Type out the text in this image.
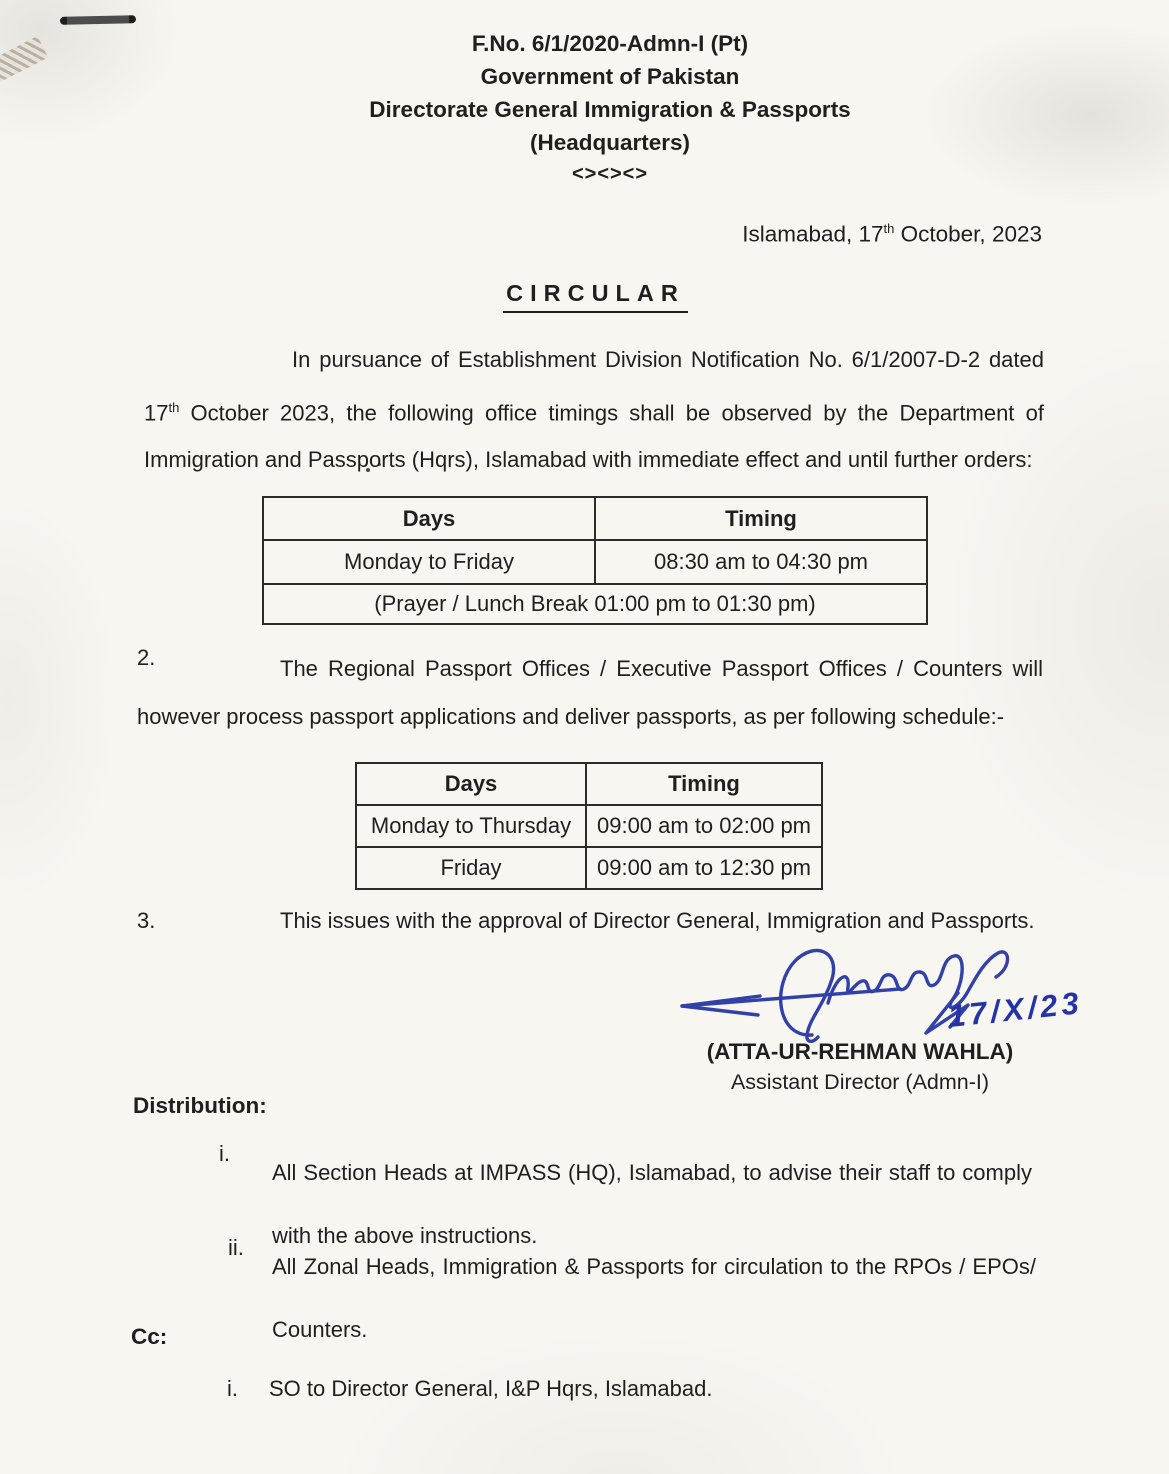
F.No. 6/1/2020-Admn-I (Pt)
Government of Pakistan
Directorate General Immigration & Passports
(Headquarters)
<><><>
Islamabad, 17th October, 2023
CIRCULAR
In pursuance of Establishment Division Notification No. 6/1/2007-D-2 dated 17th October 2023, the following office timings shall be observed by the Department of Immigration and Passports (Hqrs), Islamabad with immediate effect and until further orders:
Days	Timing
Monday to Friday	08:30 am to 04:30 pm
(Prayer / Lunch Break 01:00 pm to 01:30 pm)	
2.	The Regional Passport Offices / Executive Passport Offices / Counters will however process passport applications and deliver passports, as per following schedule:-
Days	Timing
Monday to Thursday	09:00 am to 02:00 pm
Friday	09:00 am to 12:30 pm
3.	This issues with the approval of Director General, Immigration and Passports.
17/X/23
(ATTA-UR-REHMAN WAHLA)
Assistant Director (Admn-I)
Distribution:
i.
All Section Heads at IMPASS (HQ), Islamabad, to advise their staff to comply with the above instructions.
ii.
All Zonal Heads, Immigration & Passports for circulation to the RPOs / EPOs/ Counters.
Cc:
i. SO to Director General, I&P Hqrs, Islamabad.
